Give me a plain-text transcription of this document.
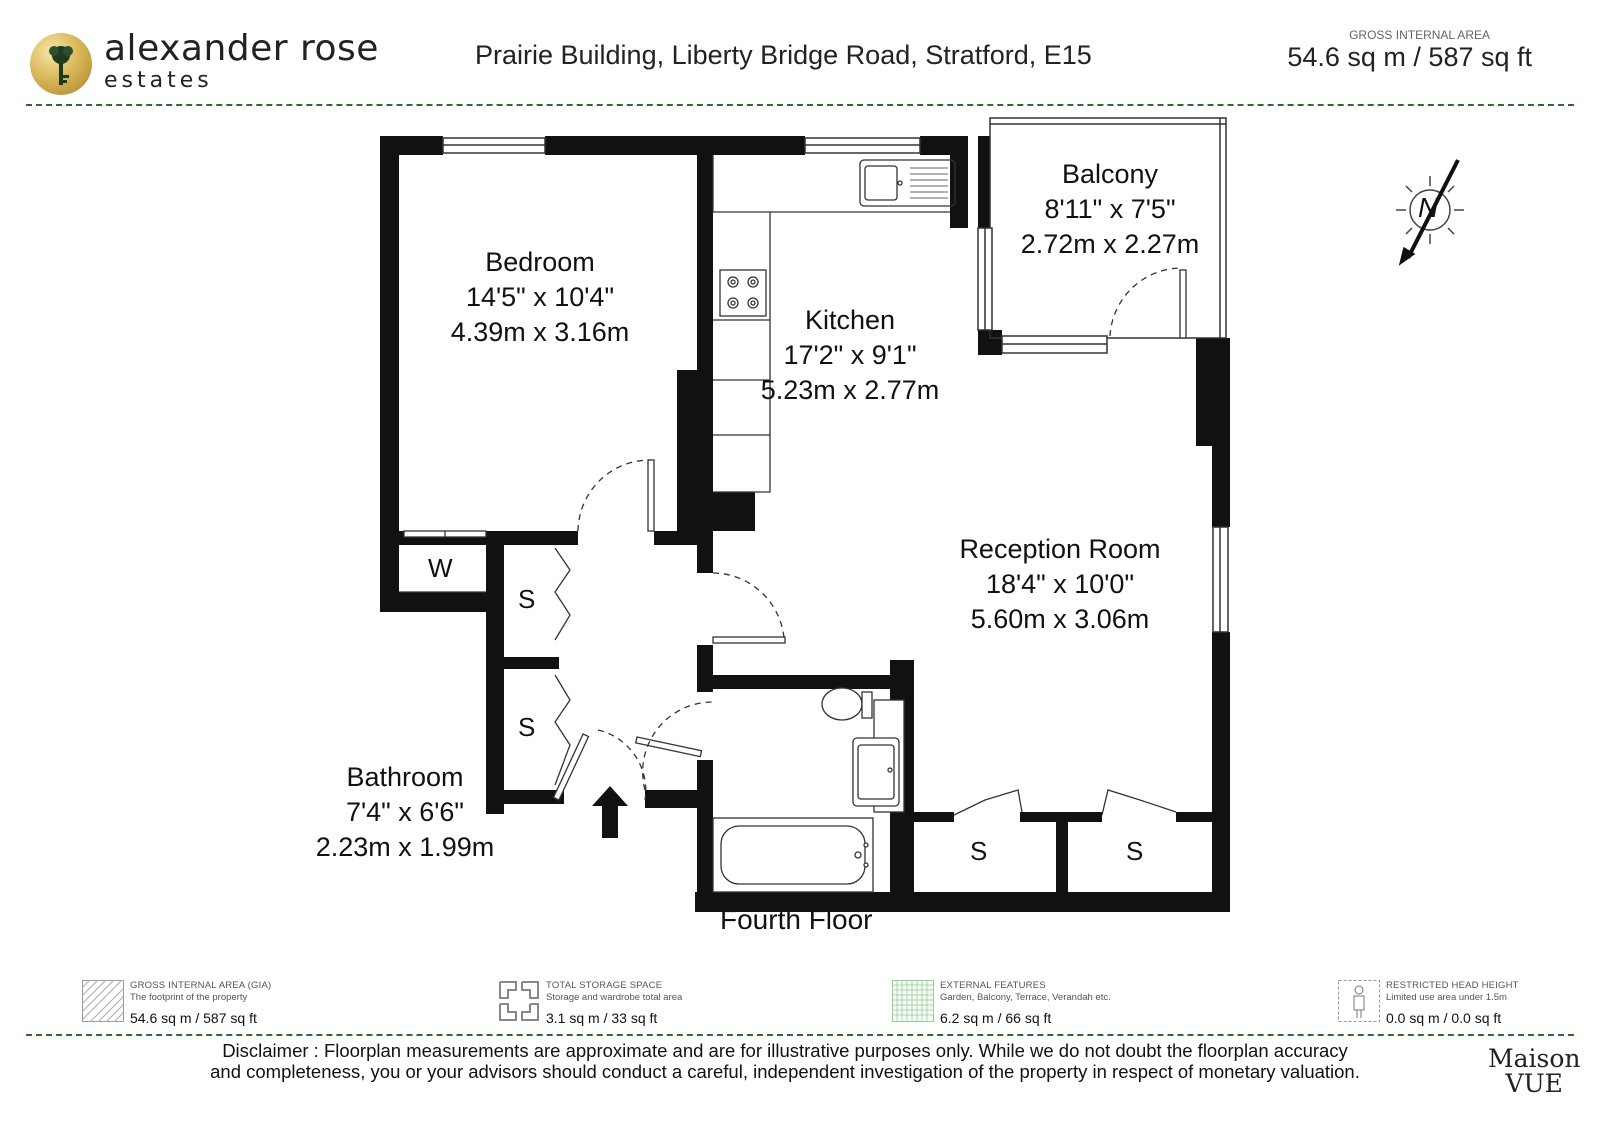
alexander rose
estates
Prairie Building, Liberty Bridge Road, Stratford, E15
GROSS INTERNAL AREA
54.6 sq m / 587 sq ft
N
Bedroom
14'5" x 10'4"
4.39m x 3.16m	Kitchen
17'2" x 9'1"
5.23m x 2.77m
Balcony
8'11" x 7'5"
2.72m x 2.27m
Reception Room
18'4" x 10'0"
5.60m x 3.06m
Bathroom
7'4" x 6'6"
2.23m x 1.99m
W
S
S
S	S
Fourth Floor
GROSS INTERNAL AREA (GIA)
The footprint of the property
54.6 sq m / 587 sq ft
TOTAL STORAGE SPACE
Storage and wardrobe total area
3.1 sq m / 33 sq ft
EXTERNAL FEATURES
Garden, Balcony, Terrace, Verandah etc.
6.2 sq m / 66 sq ft
RESTRICTED HEAD HEIGHT
Limited use area under 1.5m
0.0 sq m / 0.0 sq ft
Disclaimer : Floorplan measurements are approximate and are for illustrative purposes only. While we do not doubt the floorplan accuracy
and completeness, you or your advisors should conduct a careful, independent investigation of the property in respect of monetary valuation.	Maison
VUE
